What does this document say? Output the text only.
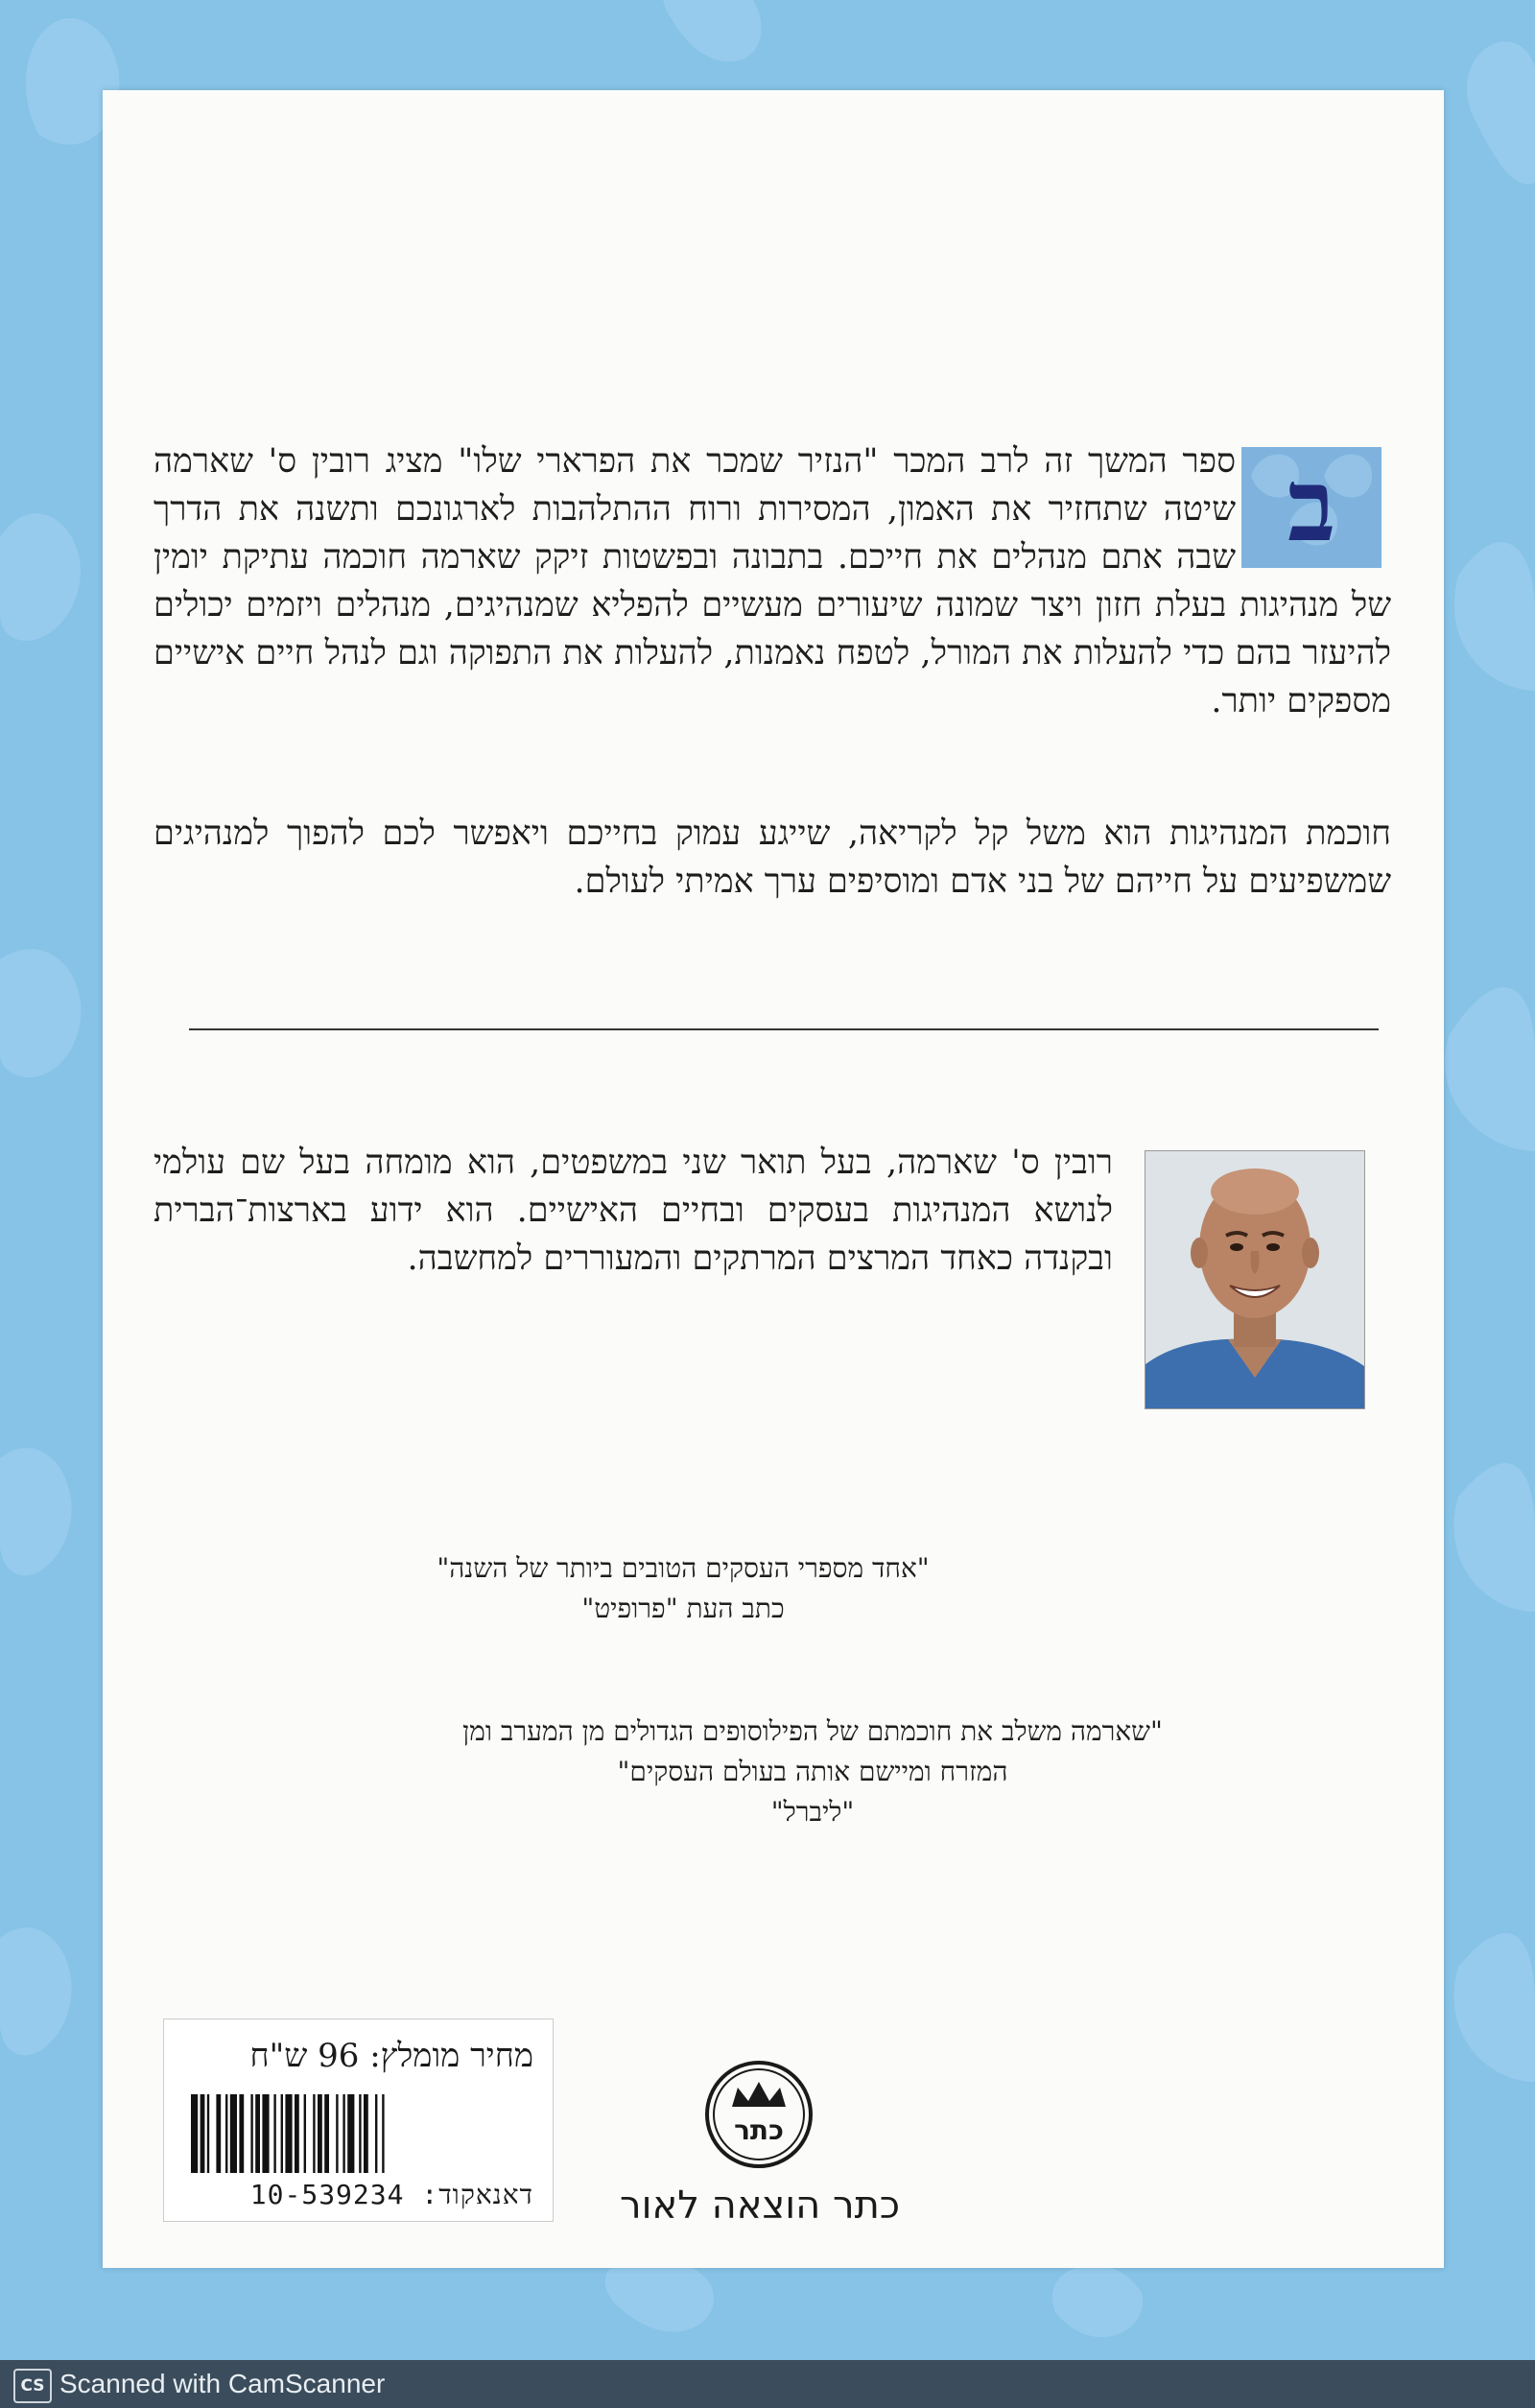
ב
ספר המשך זה לרב המכר "הנזיר שמכר את הפרארי שלו" מציג רובין ס' שארמה שיטה שתחזיר את האמון, המסירות ורוח ההתלהבות לארגונכם ותשנה את הדרך שבה אתם מנהלים את חייכם. בתבונה ובפשטות זיקק שארמה חוכמה עתיקת יומין של מנהיגות בעלת חזון ויצר שמונה שיעורים מעשיים להפליא שמנהיגים, מנהלים ויזמים יכולים להיעזר בהם כדי להעלות את המורל, לטפח נאמנות, להעלות את התפוקה וגם לנהל חיים אישיים מספקים יותר.
חוכמת המנהיגות הוא משל קל לקריאה, שייגע עמוק בחייכם ויאפשר לכם להפוך למנהיגים שמשפיעים על חייהם של בני אדם ומוסיפים ערך אמיתי לעולם.
רובין ס' שארמה, בעל תואר שני במשפטים, הוא מומחה בעל שם עולמי לנושא המנהיגות בעסקים ובחיים האישיים. הוא ידוע בארצות־הברית ובקנדה כאחד המרצים המרתקים והמעוררים למחשבה.
"אחד מספרי העסקים הטובים ביותר של השנה"
כתב העת "פרופיט"
"שארמה משלב את חוכמתם של הפילוסופים הגדולים מן המערב ומן
המזרח ומיישם אותה בעולם העסקים"
"ליברל"
מחיר מומלץ: 96 ש"ח
דאנאקוד: 10-539234
כתר
כתר הוצאה לאור
CS Scanned with CamScanner
